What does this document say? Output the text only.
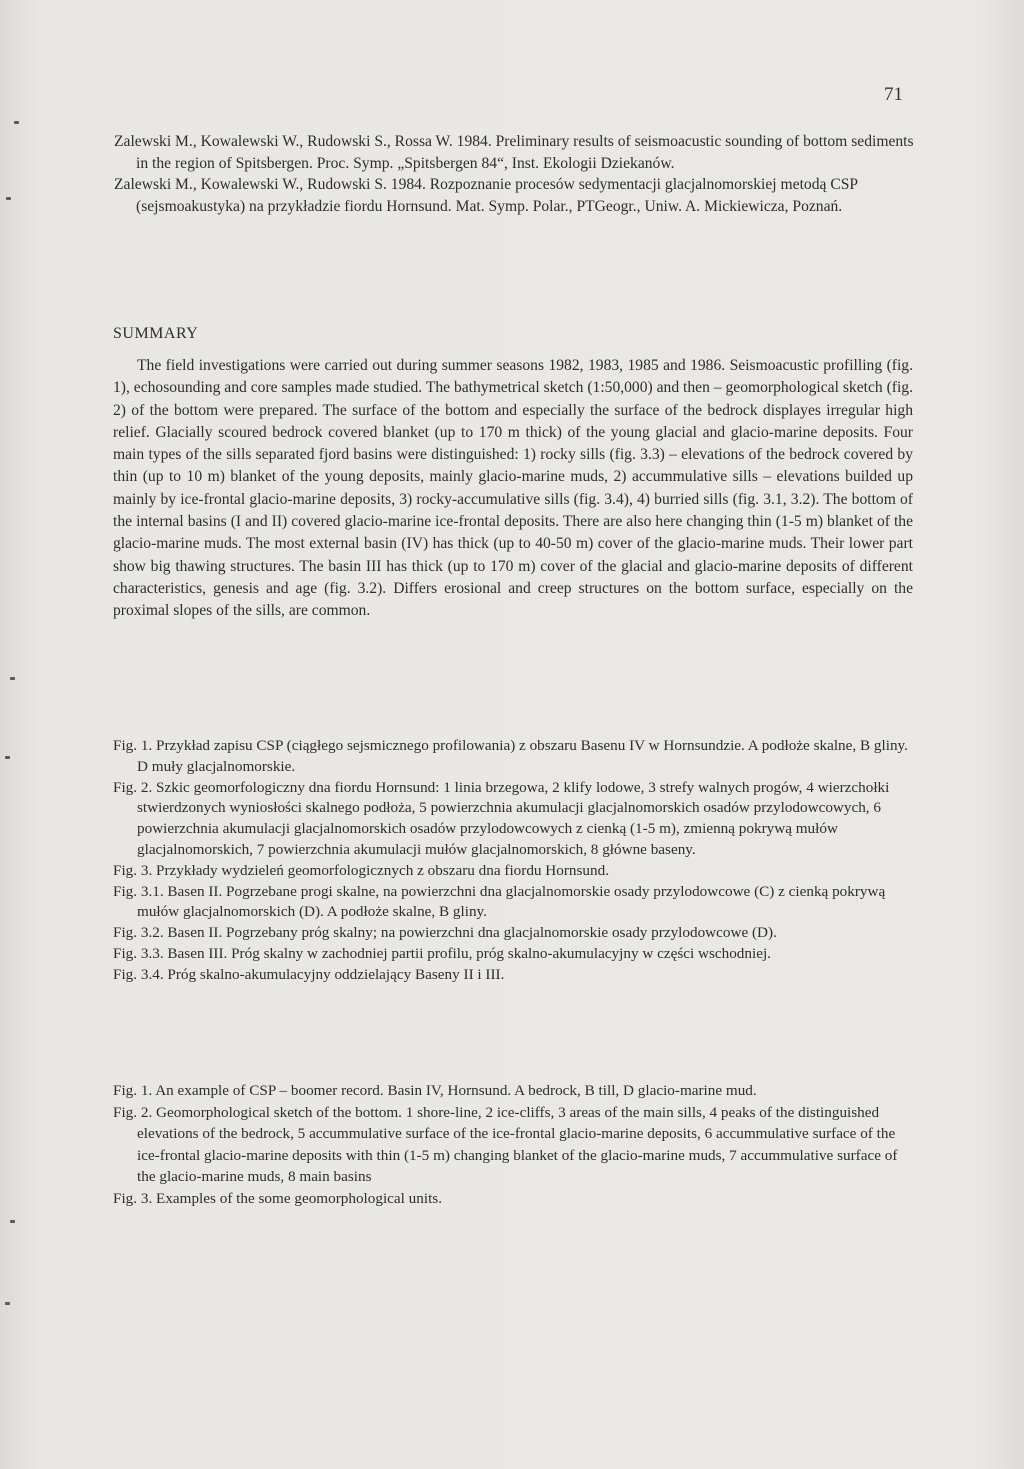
71

Zalewski M., Kowalewski W., Rudowski S., Rossa W. 1984. Preliminary results of seismoacustic sounding of bottom sediments in the region of Spitsbergen. Proc. Symp. „Spitsbergen 84“, Inst. Ekologii Dziekanów.

Zalewski M., Kowalewski W., Rudowski S. 1984. Rozpoznanie procesów sedymentacji glacjalnomorskiej metodą CSP (sejsmoakustyka) na przykładzie fiordu Hornsund. Mat. Symp. Polar., PTGeogr., Uniw. A. Mickiewicza, Poznań.

SUMMARY

The field investigations were carried out during summer seasons 1982, 1983, 1985 and 1986. Seismoacustic profilling (fig. 1), echosounding and core samples made studied. The bathymetrical sketch (1:50,000) and then – geomorphological sketch (fig. 2) of the bottom were prepared. The surface of the bottom and especially the surface of the bedrock displayes irregular high relief. Glacially scoured bedrock covered blanket (up to 170 m thick) of the young glacial and glacio-marine deposits. Four main types of the sills separated fjord basins were distinguished: 1) rocky sills (fig. 3.3) – elevations of the bedrock covered by thin (up to 10 m) blanket of the young deposits, mainly glacio-marine muds, 2) accummulative sills – elevations builded up mainly by ice-frontal glacio-marine deposits, 3) rocky-accumulative sills (fig. 3.4), 4) burried sills (fig. 3.1, 3.2). The bottom of the internal basins (I and II) covered glacio-marine ice-frontal deposits. There are also here changing thin (1-5 m) blanket of the glacio-marine muds. The most external basin (IV) has thick (up to 40-50 m) cover of the glacio-marine muds. Their lower part show big thawing structures. The basin III has thick (up to 170 m) cover of the glacial and glacio-marine deposits of different characteristics, genesis and age (fig. 3.2). Differs erosional and creep structures on the bottom surface, especially on the proximal slopes of the sills, are common.

Fig. 1. Przykład zapisu CSP (ciągłego sejsmicznego profilowania) z obszaru Basenu IV w Hornsundzie. A podłoże skalne, B gliny. D muły glacjalnomorskie.
Fig. 2. Szkic geomorfologiczny dna fiordu Hornsund: 1 linia brzegowa, 2 klify lodowe, 3 strefy walnych progów, 4 wierzchołki stwierdzonych wyniosłości skalnego podłoża, 5 powierzchnia akumulacji glacjalnomorskich osadów przylodowcowych, 6 powierzchnia akumulacji glacjalnomorskich osadów przylodowcowych z cienką (1-5 m), zmienną pokrywą mułów glacjalnomorskich, 7 powierzchnia akumulacji mułów glacjalnomorskich, 8 główne baseny.
Fig. 3. Przykłady wydzieleń geomorfologicznych z obszaru dna fiordu Hornsund.
Fig. 3.1. Basen II. Pogrzebane progi skalne, na powierzchni dna glacjalnomorskie osady przylodowcowe (C) z cienką pokrywą mułów glacjalnomorskich (D). A podłoże skalne, B gliny.
Fig. 3.2. Basen II. Pogrzebany próg skalny; na powierzchni dna glacjalnomorskie osady przylodowcowe (D).
Fig. 3.3. Basen III. Próg skalny w zachodniej partii profilu, próg skalno-akumulacyjny w części wschodniej.
Fig. 3.4. Próg skalno-akumulacyjny oddzielający Baseny II i III.
Fig. 1. An example of CSP – boomer record. Basin IV, Hornsund. A bedrock, B till, D glacio-marine mud.
Fig. 2. Geomorphological sketch of the bottom. 1 shore-line, 2 ice-cliffs, 3 areas of the main sills, 4 peaks of the distinguished elevations of the bedrock, 5 accummulative surface of the ice-frontal glacio-marine deposits, 6 accummulative surface of the ice-frontal glacio-marine deposits with thin (1-5 m) changing blanket of the glacio-marine muds, 7 accummulative surface of the glacio-marine muds, 8 main basins
Fig. 3. Examples of the some geomorphological units.
